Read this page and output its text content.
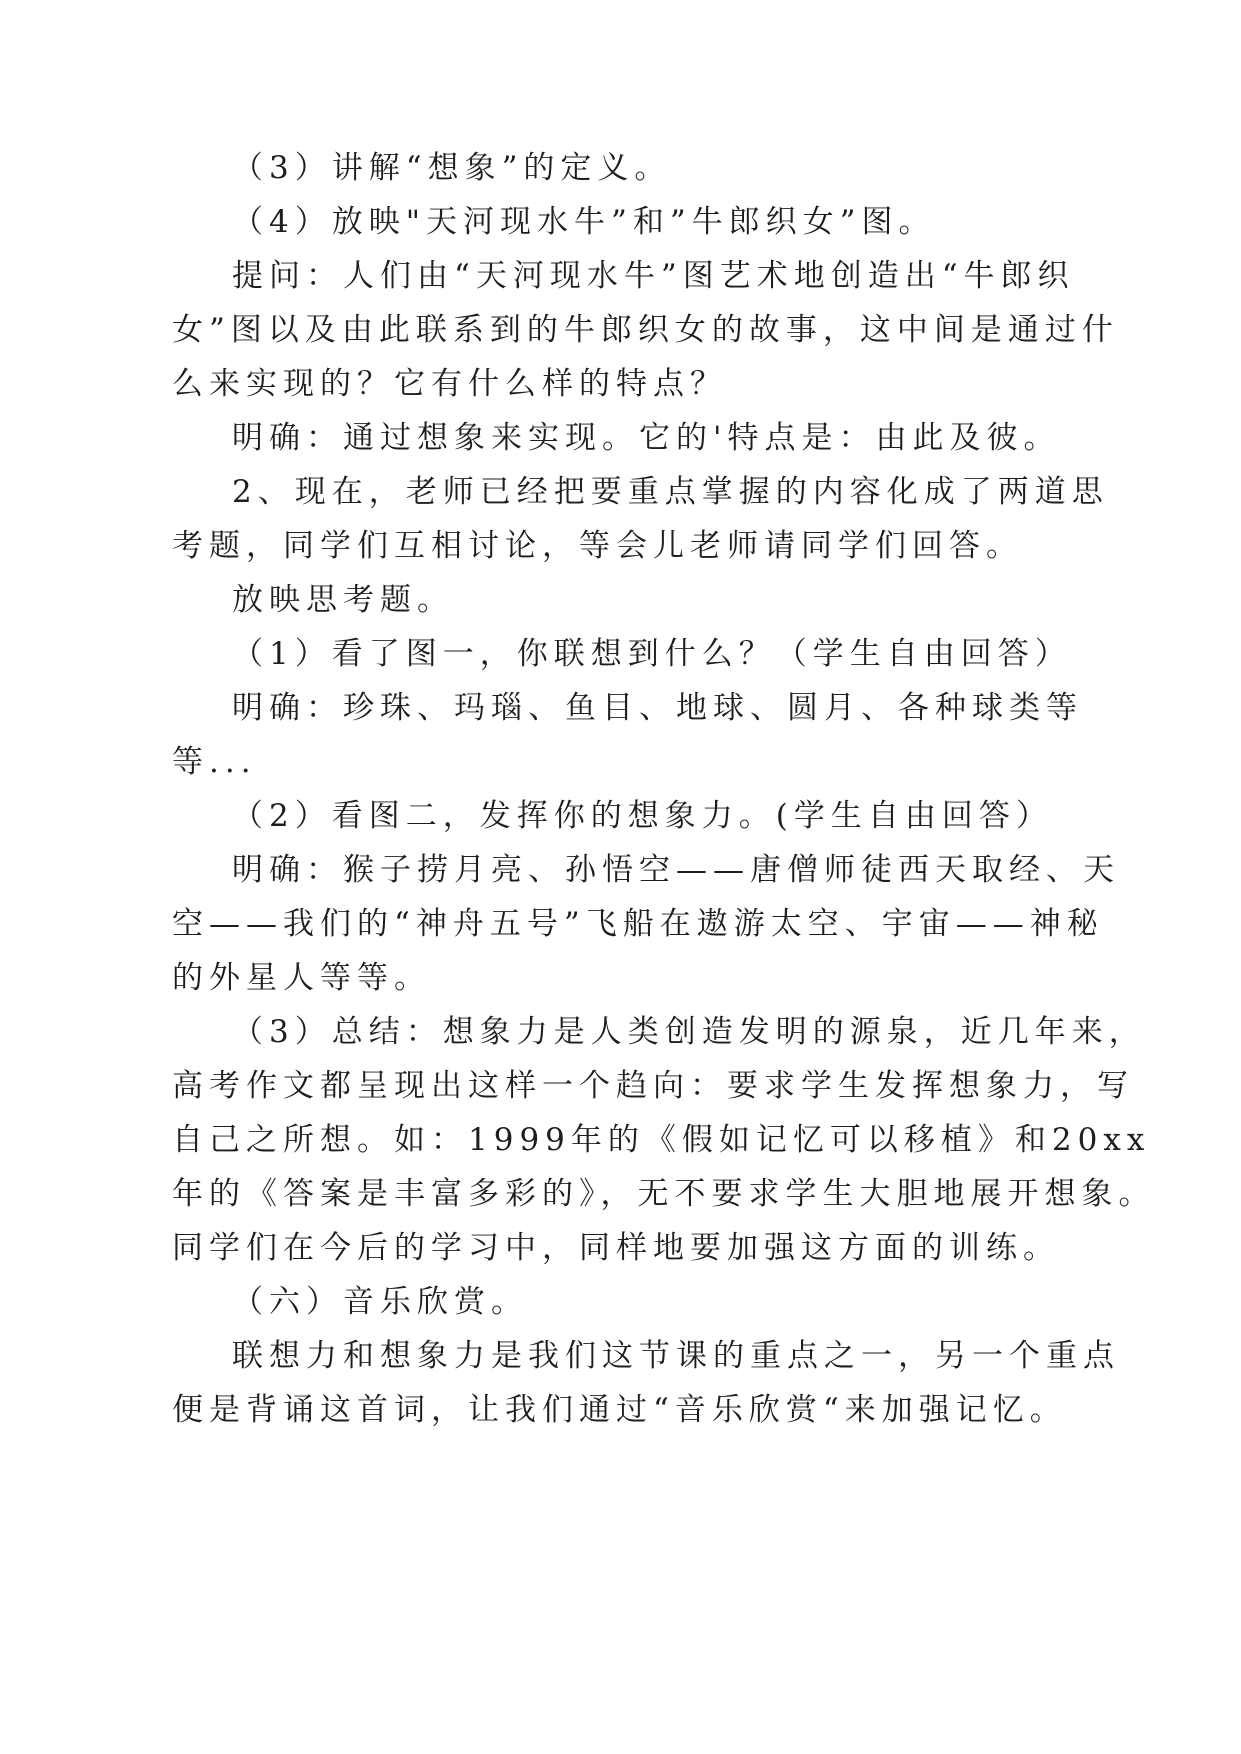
（3）讲解“想象”的定义。
（4）放映"天河现水牛”和”牛郎织女”图。
提问：人们由“天河现水牛”图艺术地创造出“牛郎织
女”图以及由此联系到的牛郎织女的故事，这中间是通过什
么来实现的？它有什么样的特点？
明确：通过想象来实现。它的'特点是：由此及彼。
2、现在，老师已经把要重点掌握的内容化成了两道思
考题，同学们互相讨论，等会儿老师请同学们回答。
放映思考题。
（1）看了图一，你联想到什么？（学生自由回答）
明确：珍珠、玛瑙、鱼目、地球、圆月、各种球类等
等...
（2）看图二，发挥你的想象力。(学生自由回答）
明确：猴子捞月亮、孙悟空——唐僧师徒西天取经、天
空——我们的“神舟五号”飞船在遨游太空、宇宙——神秘
的外星人等等。
（3）总结：想象力是人类创造发明的源泉，近几年来，
高考作文都呈现出这样一个趋向：要求学生发挥想象力，写
自己之所想。如：1999年的《假如记忆可以移植》和20xx
年的《答案是丰富多彩的》，无不要求学生大胆地展开想象。
同学们在今后的学习中，同样地要加强这方面的训练。
（六）音乐欣赏。
联想力和想象力是我们这节课的重点之一，另一个重点
便是背诵这首词，让我们通过“音乐欣赏“来加强记忆。
